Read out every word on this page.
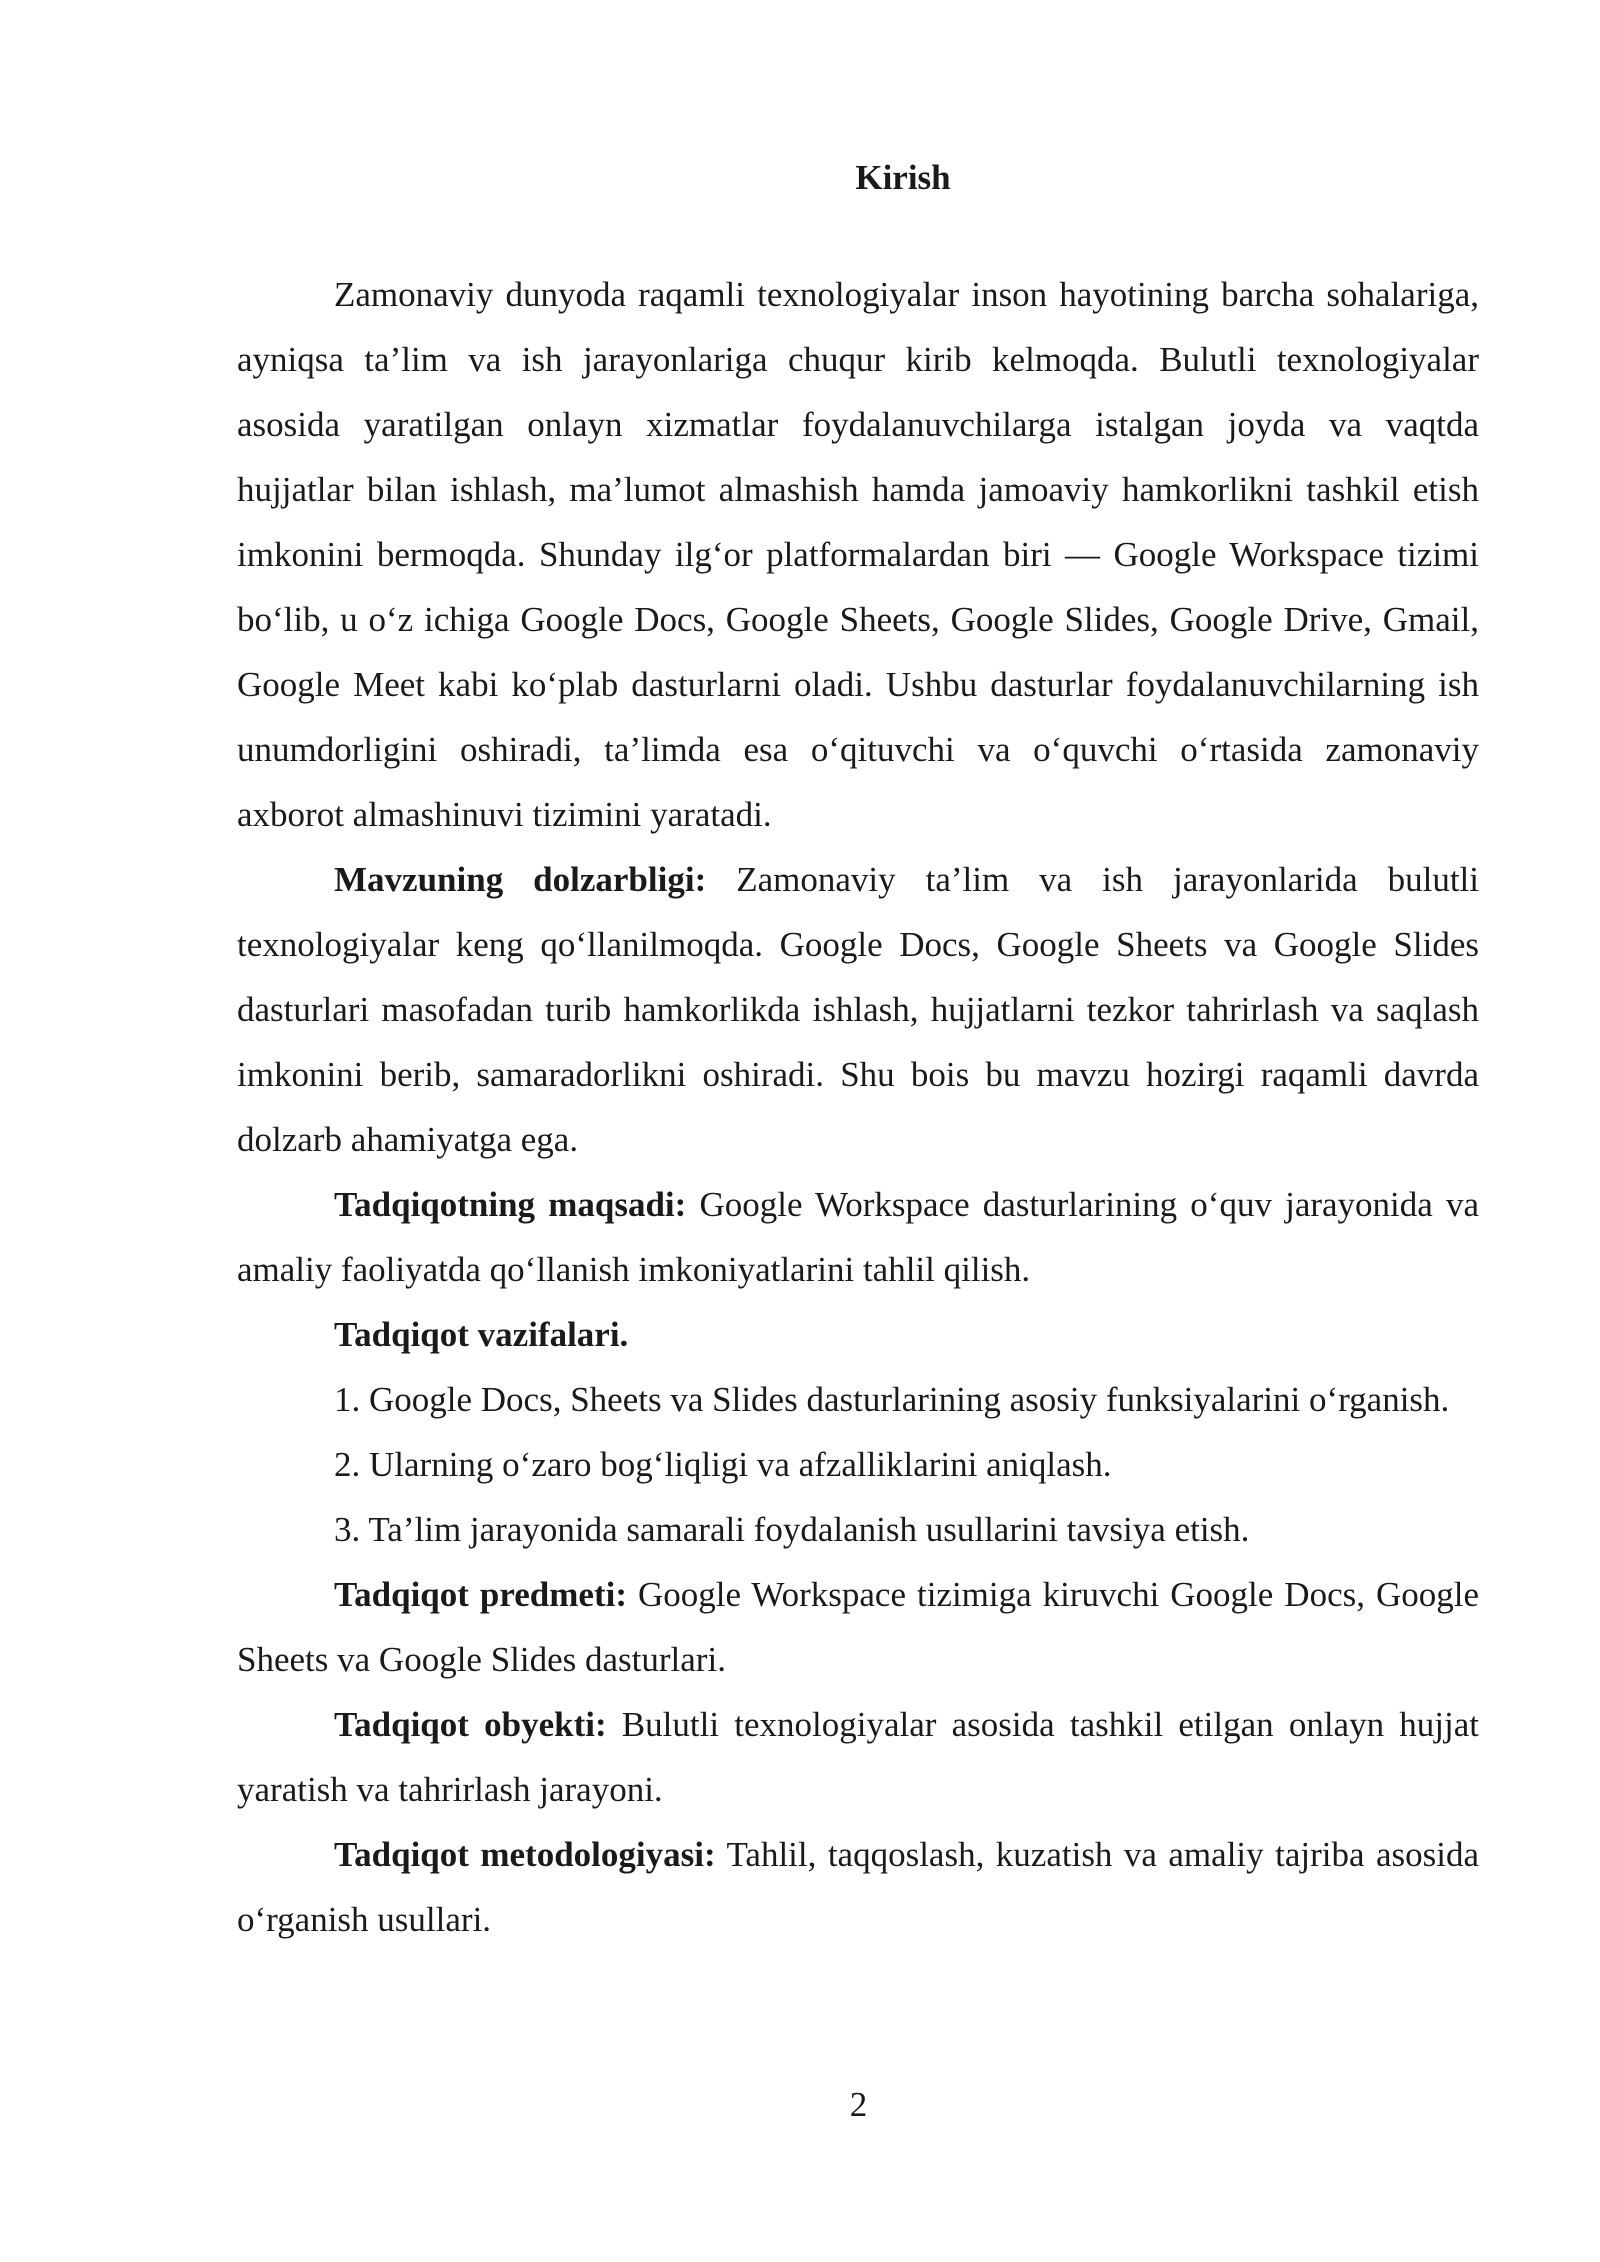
Kirish

Zamonaviy dunyoda raqamli texnologiyalar inson hayotining barcha sohalariga, ayniqsa ta’lim va ish jarayonlariga chuqur kirib kelmoqda. Bulutli texnologiyalar asosida yaratilgan onlayn xizmatlar foydalanuvchilarga istalgan joyda va vaqtda hujjatlar bilan ishlash, ma’lumot almashish hamda jamoaviy hamkorlikni tashkil etish imkonini bermoqda. Shunday ilg‘or platformalardan biri — Google Workspace tizimi bo‘lib, u o‘z ichiga Google Docs, Google Sheets, Google Slides, Google Drive, Gmail, Google Meet kabi ko‘plab dasturlarni oladi. Ushbu dasturlar foydalanuvchilarning ish unumdorligini oshiradi, ta’limda esa o‘qituvchi va o‘quvchi o‘rtasida zamonaviy axborot almashinuvi tizimini yaratadi.

Mavzuning dolzarbligi: Zamonaviy ta’lim va ish jarayonlarida bulutli texnologiyalar keng qo‘llanilmoqda. Google Docs, Google Sheets va Google Slides dasturlari masofadan turib hamkorlikda ishlash, hujjatlarni tezkor tahrirlash va saqlash imkonini berib, samaradorlikni oshiradi. Shu bois bu mavzu hozirgi raqamli davrda dolzarb ahamiyatga ega.

Tadqiqotning maqsadi: Google Workspace dasturlarining o‘quv jarayonida va amaliy faoliyatda qo‘llanish imkoniyatlarini tahlil qilish.

Tadqiqot vazifalari.

1. Google Docs, Sheets va Slides dasturlarining asosiy funksiyalarini o‘rganish.

2. Ularning o‘zaro bog‘liqligi va afzalliklarini aniqlash.

3. Ta’lim jarayonida samarali foydalanish usullarini tavsiya etish.

Tadqiqot predmeti: Google Workspace tizimiga kiruvchi Google Docs, Google Sheets va Google Slides dasturlari.

Tadqiqot obyekti: Bulutli texnologiyalar asosida tashkil etilgan onlayn hujjat yaratish va tahrirlash jarayoni.

Tadqiqot metodologiyasi: Tahlil, taqqoslash, kuzatish va amaliy tajriba asosida o‘rganish usullari.

2
